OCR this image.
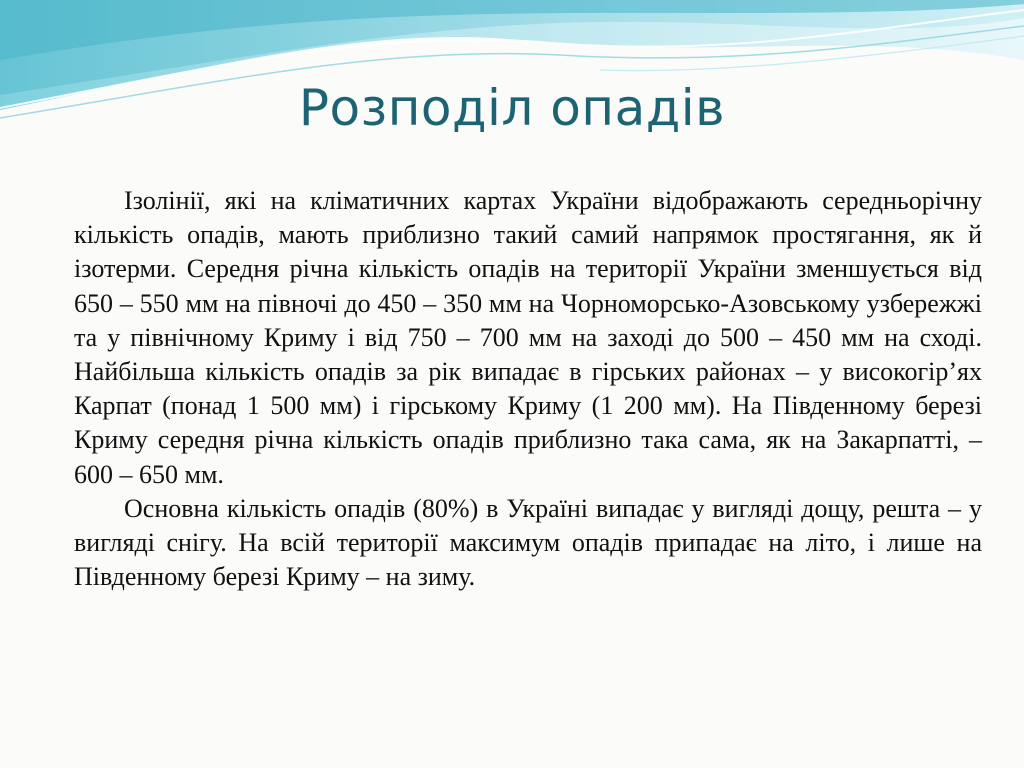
Розподіл опадів

Ізолінії, які на кліматичних картах України відображають середньорічну кількість опадів, мають приблизно такий самий напрямок простягання, як й ізотерми. Середня річна кількість опадів на території України зменшується від 650 – 550 мм на півночі до 450 – 350 мм на Чорноморсько-Азовському узбережжі та у північному Криму і від 750 – 700 мм на заході до 500 – 450 мм на сході. Найбільша кількість опадів за рік випадає в гірських районах – у високогір’ях Карпат (понад 1 500 мм) і гірському Криму (1 200 мм). На Південному березі Криму середня річна кількість опадів приблизно така сама, як на Закарпатті, – 600 – 650 мм.

Основна кількість опадів (80%) в Україні випадає у вигляді дощу, решта – у вигляді снігу. На всій території максимум опадів припадає на літо, і лише на Південному березі Криму – на зиму.
